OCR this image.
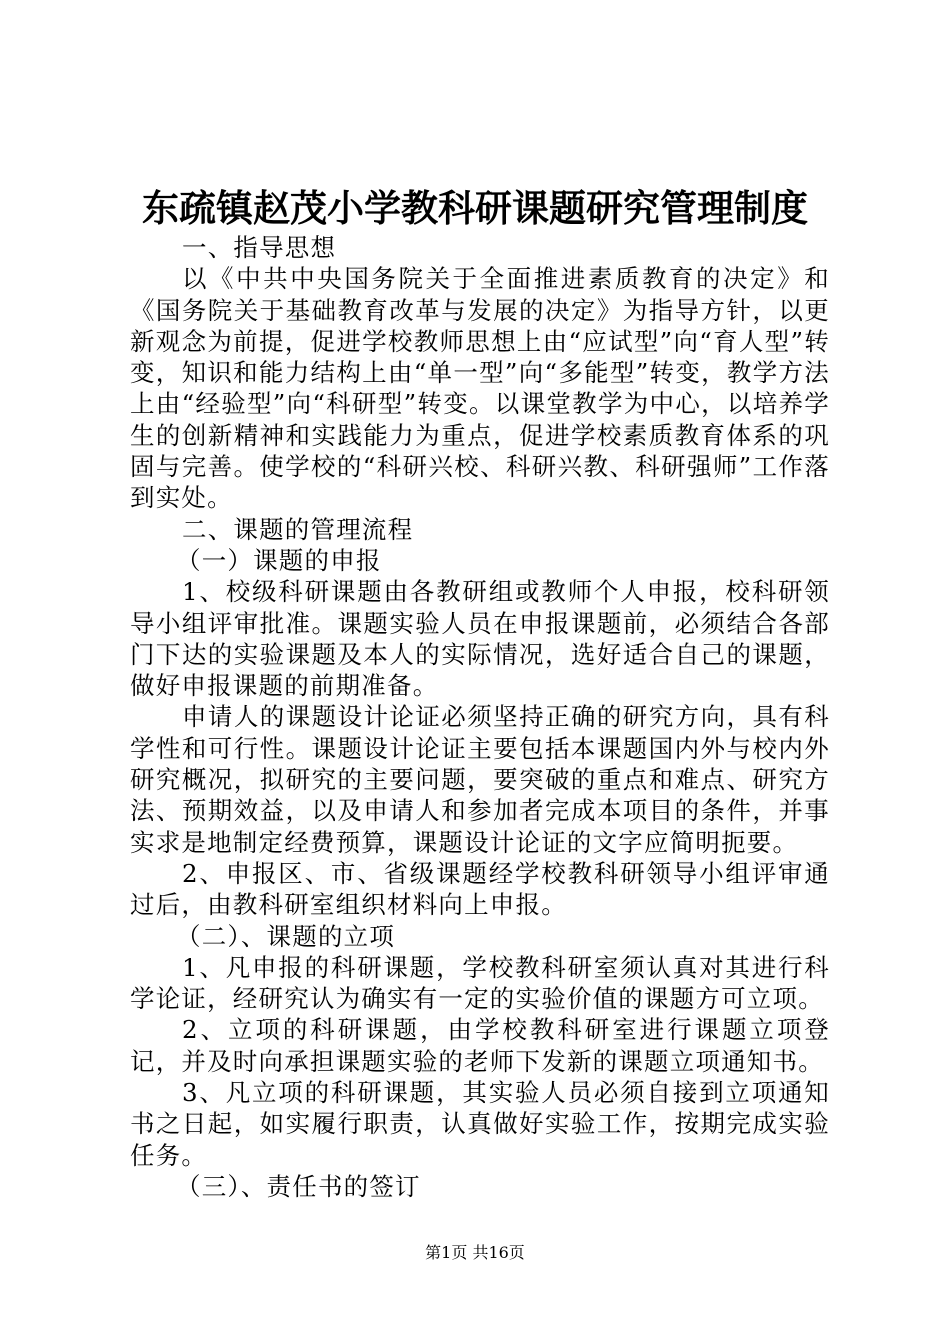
东疏镇赵茂小学教科研课题研究管理制度

一、指导思想

以《中共中央国务院关于全面推进素质教育的决定》和《国务院关于基础教育改革与发展的决定》为指导方针，以更新观念为前提，促进学校教师思想上由“应试型”向“育人型”转变，知识和能力结构上由“单一型”向“多能型”转变，教学方法上由“经验型”向“科研型”转变。以课堂教学为中心，以培养学生的创新精神和实践能力为重点，促进学校素质教育体系的巩固与完善。使学校的“科研兴校、科研兴教、科研强师”工作落到实处。

二、课题的管理流程

（一）课题的申报

1、校级科研课题由各教研组或教师个人申报，校科研领导小组评审批准。课题实验人员在申报课题前，必须结合各部门下达的实验课题及本人的实际情况，选好适合自己的课题，做好申报课题的前期准备。

申请人的课题设计论证必须坚持正确的研究方向，具有科学性和可行性。课题设计论证主要包括本课题国内外与校内外研究概况，拟研究的主要问题，要突破的重点和难点、研究方法、预期效益，以及申请人和参加者完成本项目的条件，并事实求是地制定经费预算，课题设计论证的文字应简明扼要。

2、申报区、市、省级课题经学校教科研领导小组评审通过后，由教科研室组织材料向上申报。

（二）、课题的立项

1、凡申报的科研课题，学校教科研室须认真对其进行科学论证，经研究认为确实有一定的实验价值的课题方可立项。

2、立项的科研课题，由学校教科研室进行课题立项登记，并及时向承担课题实验的老师下发新的课题立项通知书。

3、凡立项的科研课题，其实验人员必须自接到立项通知书之日起，如实履行职责，认真做好实验工作，按期完成实验任务。

（三）、责任书的签订

第1页 共16页
